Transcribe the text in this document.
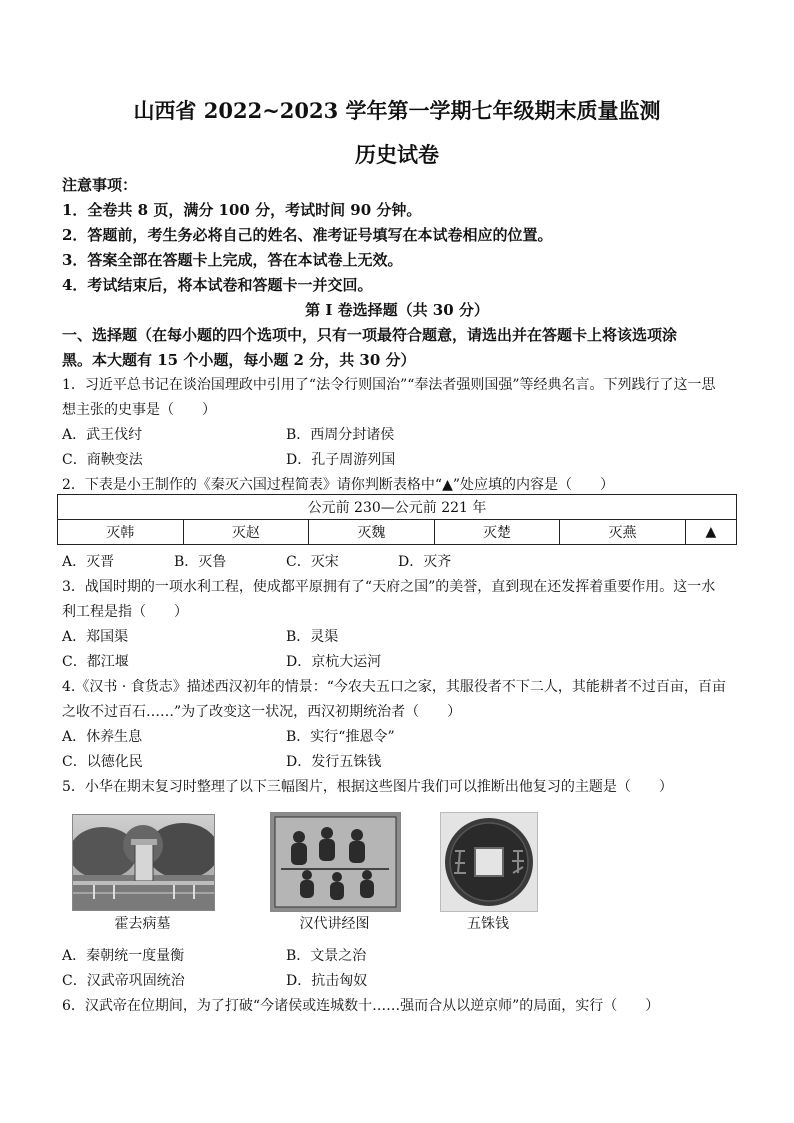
山西省 2022~2023 学年第一学期七年级期末质量监测
历史试卷
注意事项：
1．全卷共 8 页，满分 100 分，考试时间 90 分钟。
2．答题前，考生务必将自己的姓名、准考证号填写在本试卷相应的位置。
3．答案全部在答题卡上完成，答在本试卷上无效。
4．考试结束后，将本试卷和答题卡一并交回。
第 I 卷选择题（共 30 分）
一、选择题（在每小题的四个选项中，只有一项最符合题意，请选出并在答题卡上将该选项涂
黑。本大题有 15 个小题，每小题 2 分，共 30 分）
1．习近平总书记在谈治国理政中引用了“法令行则国治”“奉法者强则国强”等经典名言。下列践行了这一思
想主张的史事是（　　）
A．武王伐纣	B．西周分封诸侯
C．商鞅变法	D．孔子周游列国
2．下表是小王制作的《秦灭六国过程简表》请你判断表格中“▲”处应填的内容是（　　）
公元前 230—公元前 221 年
灭韩	灭赵	灭魏	灭楚	灭燕	▲
A．灭晋	B．灭鲁	C．灭宋	D．灭齐
3．战国时期的一项水利工程，使成都平原拥有了“天府之国”的美誉，直到现在还发挥着重要作用。这一水
利工程是指（　　）
A．郑国渠	B．灵渠
C．都江堰	D．京杭大运河
4.《汉书 · 食货志》描述西汉初年的情景：“今农夫五口之家，其服役者不下二人，其能耕者不过百亩，百亩
之收不过百石……”为了改变这一状况，西汉初期统治者（　　）
A．休养生息	B．实行“推恩令”
C．以德化民	D．发行五铢钱
5．小华在期末复习时整理了以下三幅图片，根据这些图片我们可以推断出他复习的主题是（　　）
霍去病墓	汉代讲经图	五铢钱
A．秦朝统一度量衡	B．文景之治
C．汉武帝巩固统治	D．抗击匈奴
6．汉武帝在位期间，为了打破“今诸侯或连城数十……强而合从以逆京师”的局面，实行（　　）
